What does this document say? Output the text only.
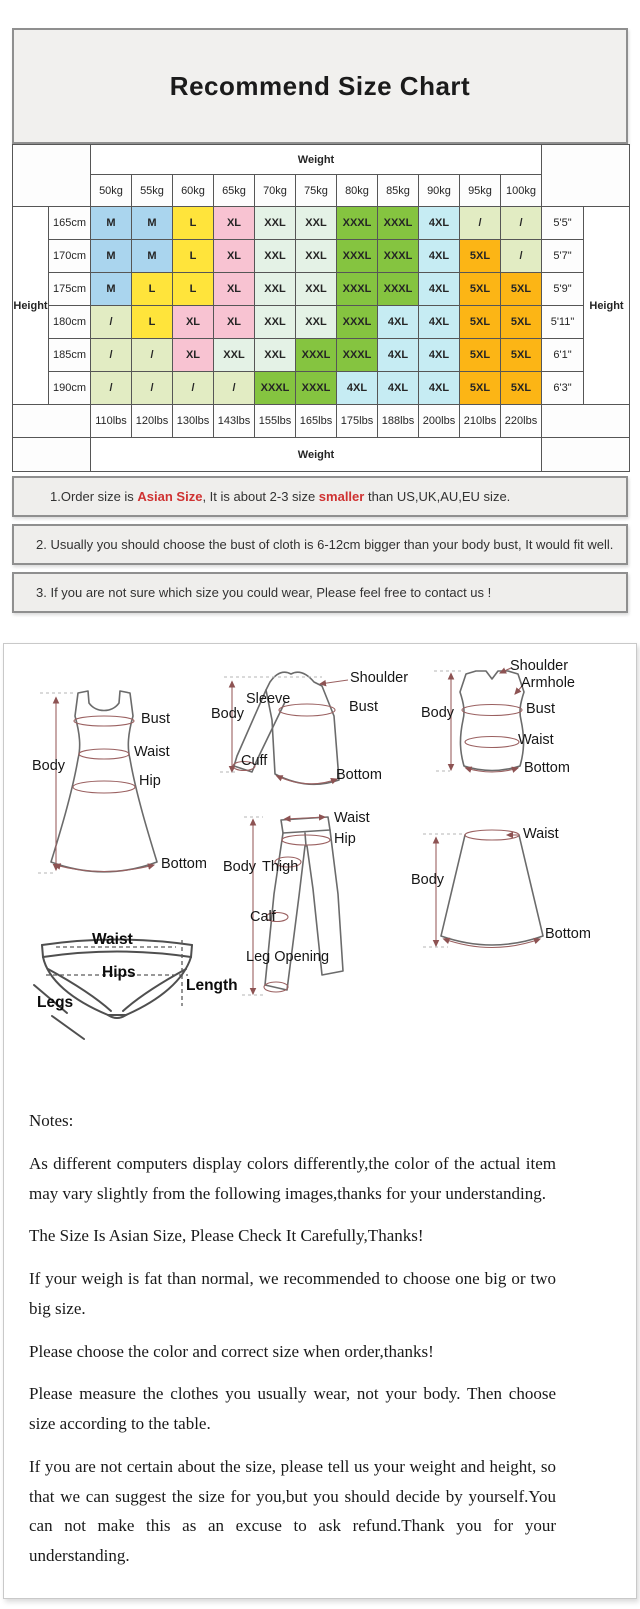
Recommend Size Chart
		Weight												
		50kg	55kg	60kg	65kg	70kg	75kg	80kg	85kg	90kg	95kg	100kg		
Height	165cm	M	M	L	XL	XXL	XXL	XXXL	XXXL	4XL	/	/	5'5"	Height
	170cm	M	M	L	XL	XXL	XXL	XXXL	XXXL	4XL	5XL	/	5'7"	
	175cm	M	L	L	XL	XXL	XXL	XXXL	XXXL	4XL	5XL	5XL	5'9"	
	180cm	/	L	XL	XL	XXL	XXL	XXXL	4XL	4XL	5XL	5XL	5'11"	
	185cm	/	/	XL	XXL	XXL	XXXL	XXXL	4XL	4XL	5XL	5XL	6'1"	
	190cm	/	/	/	/	XXXL	XXXL	4XL	4XL	4XL	5XL	5XL	6'3"	
		110lbs	120lbs	130lbs	143lbs	155lbs	165lbs	175lbs	188lbs	200lbs	210lbs	220lbs		
		Weight												
1.Order size is Asian Size, It is about 2-3 size smaller than US,UK,AU,EU size.
2. Usually you should choose the bust of cloth is 6-12cm bigger than your body bust, It would fit well.
3. If you are not sure which size you could wear, Please feel free to contact us !
Bust
Waist
Body
Hip
Bottom
Shoulder
Sleeve
Body	Bust
Cuff
Bottom
Shoulder
Armhole
Body	Bust
Waist
Bottom
Waist
Hip
Body Thigh
Calf
Leg Opening
Waist
Body
Bottom
Waist
Hips
Legs
Length

Notes:

As different computers display colors differently,the color of the actual item may vary slightly from the following images,thanks for your understanding.

The Size Is Asian Size, Please Check It Carefully,Thanks!

If your weigh is fat than normal, we recommended to choose one big or two big size.

Please choose the color and correct size when order,thanks!

Please measure the clothes you usually wear, not your body. Then choose size according to the table.

If you are not certain about the size, please tell us your weight and height, so that we can suggest the size for you,but you should decide by yourself.You can not make this as an excuse to ask refund.Thank you for your understanding.
